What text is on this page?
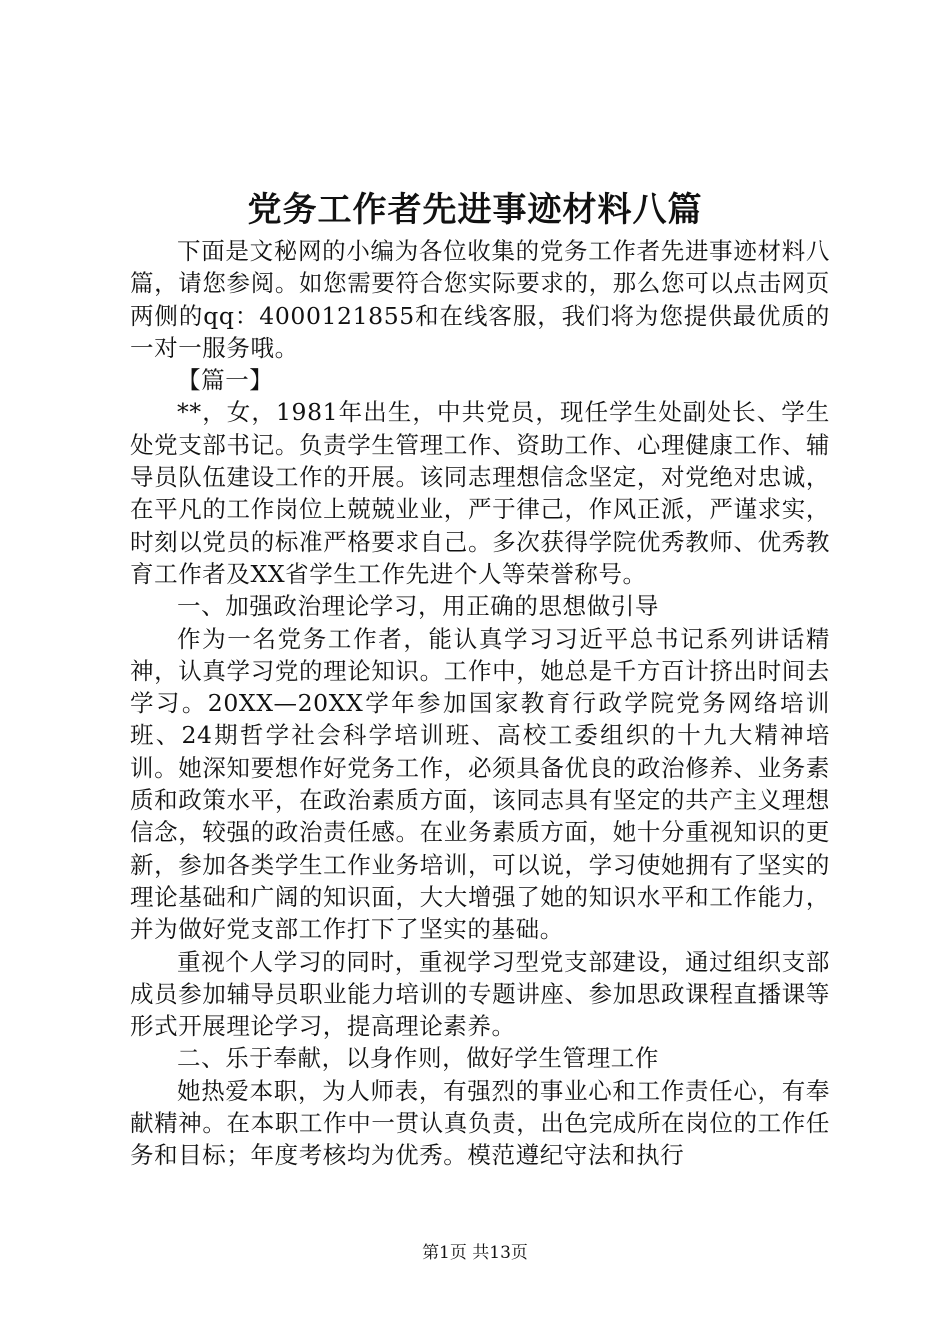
党务工作者先进事迹材料八篇

下面是文秘网的小编为各位收集的党务工作者先进事迹材料八篇，请您参阅。如您需要符合您实际要求的，那么您可以点击网页两侧的qq：4000121855和在线客服，我们将为您提供最优质的一对一服务哦。

【篇一】

**，女，1981年出生，中共党员，现任学生处副处长、学生处党支部书记。负责学生管理工作、资助工作、心理健康工作、辅导员队伍建设工作的开展。该同志理想信念坚定，对党绝对忠诚，在平凡的工作岗位上兢兢业业，严于律己，作风正派，严谨求实，时刻以党员的标准严格要求自己。多次获得学院优秀教师、优秀教育工作者及XX省学生工作先进个人等荣誉称号。

一、加强政治理论学习，用正确的思想做引导

作为一名党务工作者，能认真学习习近平总书记系列讲话精神，认真学习党的理论知识。工作中，她总是千方百计挤出时间去学习。20XX—20XX学年参加国家教育行政学院党务网络培训班、24期哲学社会科学培训班、高校工委组织的十九大精神培训。她深知要想作好党务工作，必须具备优良的政治修养、业务素质和政策水平，在政治素质方面，该同志具有坚定的共产主义理想信念，较强的政治责任感。在业务素质方面，她十分重视知识的更新，参加各类学生工作业务培训，可以说，学习使她拥有了坚实的理论基础和广阔的知识面，大大增强了她的知识水平和工作能力，并为做好党支部工作打下了坚实的基础。

重视个人学习的同时，重视学习型党支部建设，通过组织支部成员参加辅导员职业能力培训的专题讲座、参加思政课程直播课等形式开展理论学习，提高理论素养。

二、乐于奉献，以身作则，做好学生管理工作

她热爱本职，为人师表，有强烈的事业心和工作责任心，有奉献精神。在本职工作中一贯认真负责，出色完成所在岗位的工作任务和目标；年度考核均为优秀。模范遵纪守法和执行

第1页 共13页
